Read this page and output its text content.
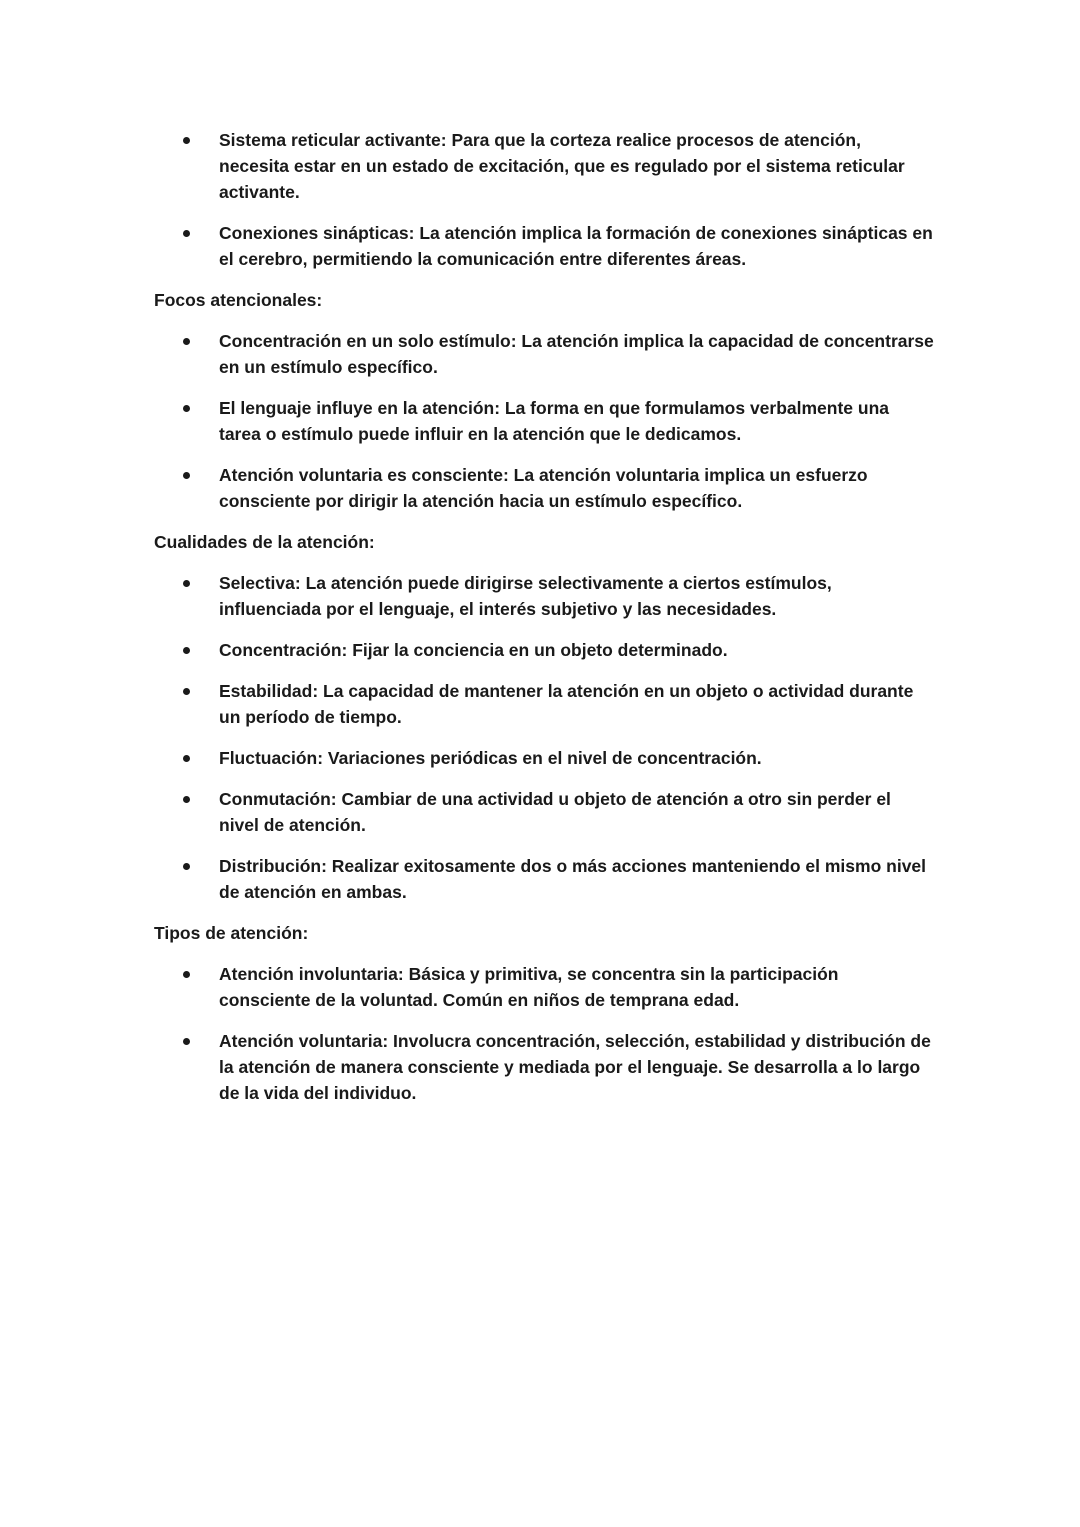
Sistema reticular activante: Para que la corteza realice procesos de atención, necesita estar en un estado de excitación, que es regulado por el sistema reticular activante.
Conexiones sinápticas: La atención implica la formación de conexiones sinápticas en el cerebro, permitiendo la comunicación entre diferentes áreas.
Focos atencionales:
Concentración en un solo estímulo: La atención implica la capacidad de concentrarse en un estímulo específico.
El lenguaje influye en la atención: La forma en que formulamos verbalmente una tarea o estímulo puede influir en la atención que le dedicamos.
Atención voluntaria es consciente: La atención voluntaria implica un esfuerzo consciente por dirigir la atención hacia un estímulo específico.
Cualidades de la atención:
Selectiva: La atención puede dirigirse selectivamente a ciertos estímulos, influenciada por el lenguaje, el interés subjetivo y las necesidades.
Concentración: Fijar la conciencia en un objeto determinado.
Estabilidad: La capacidad de mantener la atención en un objeto o actividad durante un período de tiempo.
Fluctuación: Variaciones periódicas en el nivel de concentración.
Conmutación: Cambiar de una actividad u objeto de atención a otro sin perder el nivel de atención.
Distribución: Realizar exitosamente dos o más acciones manteniendo el mismo nivel de atención en ambas.
Tipos de atención:
Atención involuntaria: Básica y primitiva, se concentra sin la participación consciente de la voluntad. Común en niños de temprana edad.
Atención voluntaria: Involucra concentración, selección, estabilidad y distribución de la atención de manera consciente y mediada por el lenguaje. Se desarrolla a lo largo de la vida del individuo.
